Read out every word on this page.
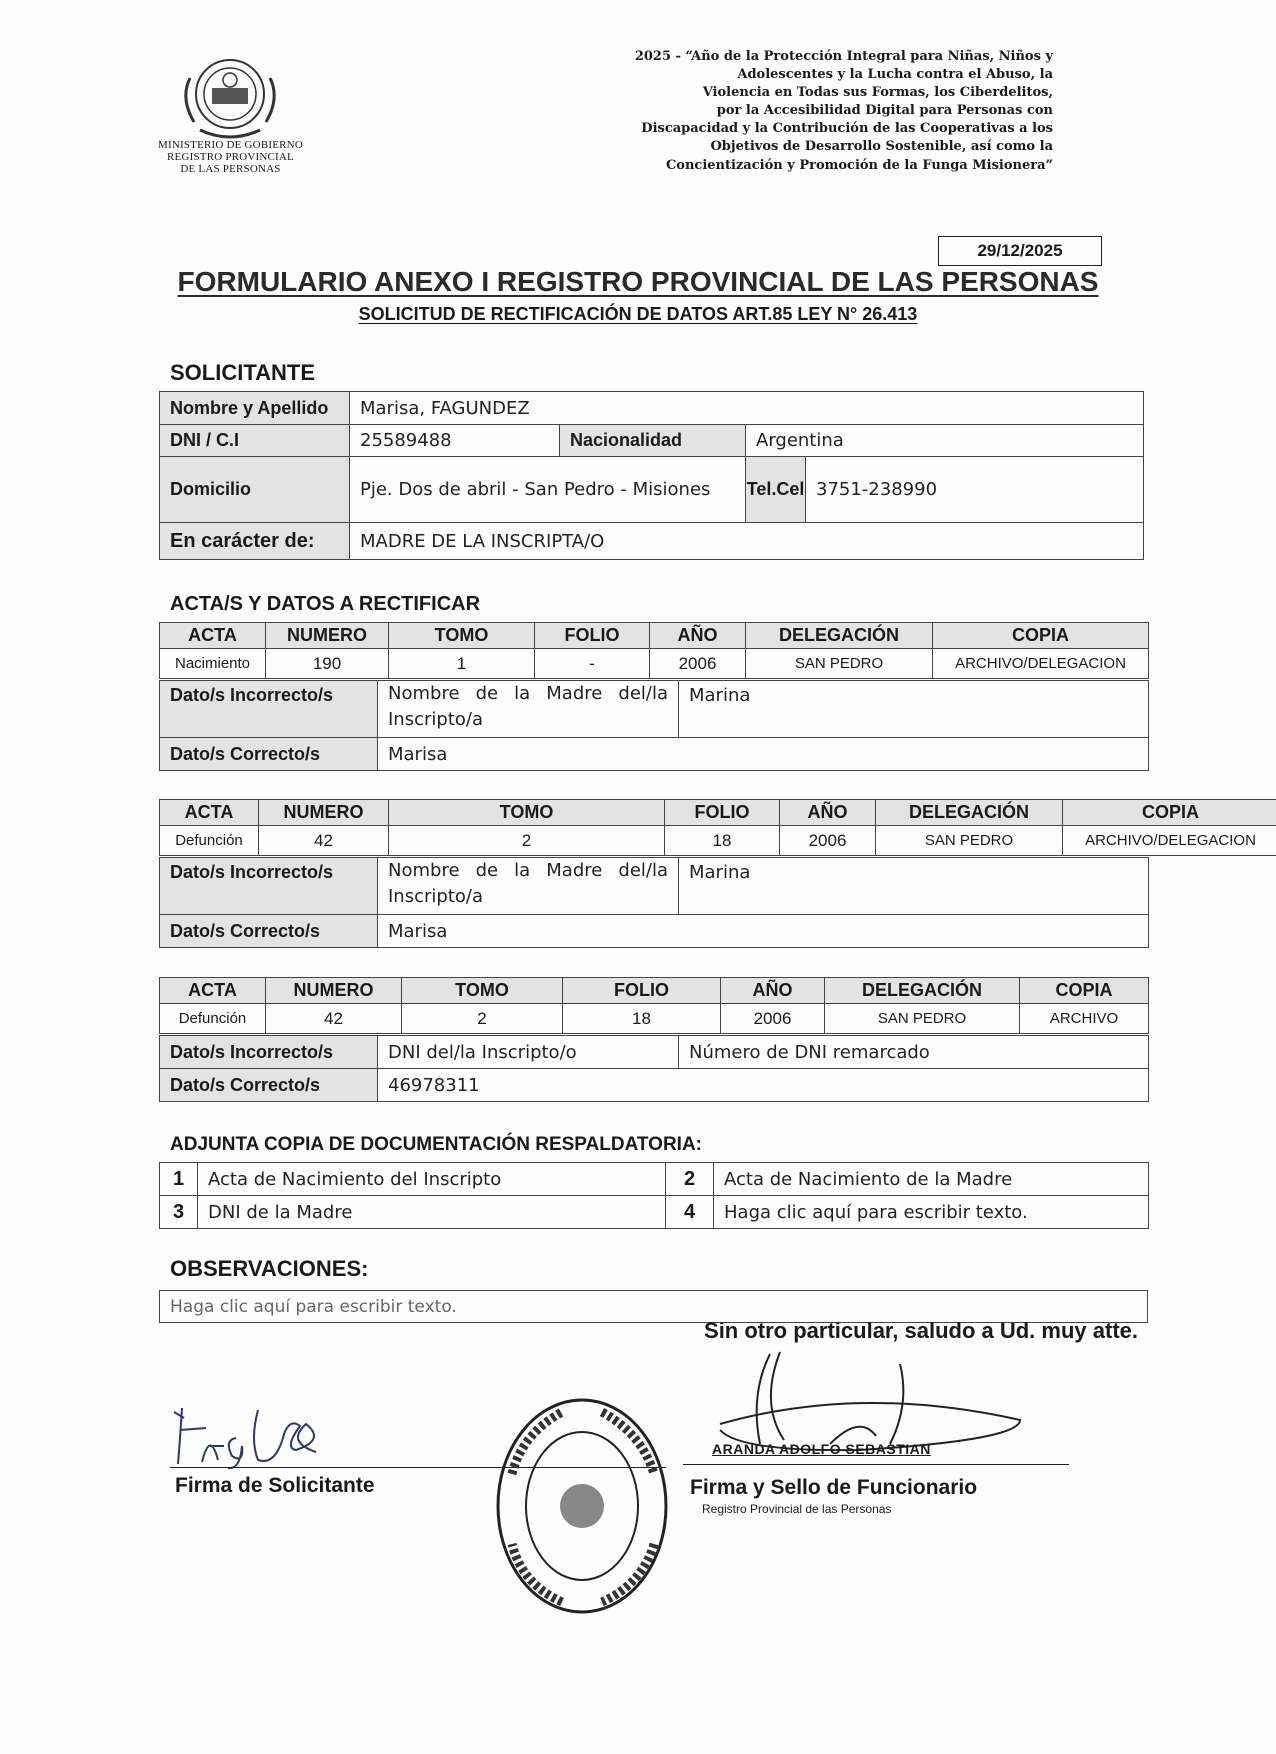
MINISTERIO DE GOBIERNO
REGISTRO PROVINCIAL
DE LAS PERSONAS
2025 - “Año de la Protección Integral para Niñas, Niños y
Adolescentes y la Lucha contra el Abuso, la
Violencia en Todas sus Formas, los Ciberdelitos,
por la Accesibilidad Digital para Personas con
Discapacidad y la Contribución de las Cooperativas a los
Objetivos de Desarrollo Sostenible, así como la
Concientización y Promoción de la Funga Misionera”
29/12/2025
FORMULARIO ANEXO I REGISTRO PROVINCIAL DE LAS PERSONAS
SOLICITUD DE RECTIFICACIÓN DE DATOS ART.85 LEY N° 26.413
SOLICITANTE
Nombre y Apellido	Marisa, FAGUNDEZ			
DNI / C.I	25589488	Nacionalidad	Argentina	
Domicilio	Pje. Dos de abril - San Pedro - Misiones		Tel.Cel	3751-238990
En carácter de:	MADRE DE LA INSCRIPTA/O			
ACTA/S Y DATOS A RECTIFICAR
ACTA	NUMERO	TOMO	FOLIO	AÑO	DELEGACIÓN	COPIA
Nacimiento	190	1	-	2006	SAN PEDRO	ARCHIVO/DELEGACION
Dato/s Incorrecto/s	Nombre de la Madre del/la Inscripto/a	Marina
Dato/s Correcto/s	Marisa	
ACTA	NUMERO	TOMO	FOLIO	AÑO	DELEGACIÓN	COPIA
Defunción	42	2	18	2006	SAN PEDRO	ARCHIVO/DELEGACION
Dato/s Incorrecto/s	Nombre de la Madre del/la Inscripto/a	Marina
Dato/s Correcto/s	Marisa	
ACTA	NUMERO	TOMO	FOLIO	AÑO	DELEGACIÓN	COPIA
Defunción	42	2	18	2006	SAN PEDRO	ARCHIVO
Dato/s Incorrecto/s	DNI del/la Inscripto/o	Número de DNI remarcado
Dato/s Correcto/s	46978311	
ADJUNTA COPIA DE DOCUMENTACIÓN RESPALDATORIA:
1	Acta de Nacimiento del Inscripto	2	Acta de Nacimiento de la Madre
3	DNI de la Madre	4	Haga clic aquí para escribir texto.
OBSERVACIONES:
Haga clic aquí para escribir texto.
Sin otro particular, saludo a Ud. muy atte.
Firma de Solicitante
ARANDA ADOLFO SEBASTIAN
Firma y Sello de Funcionario
Registro Provincial de las Personas
